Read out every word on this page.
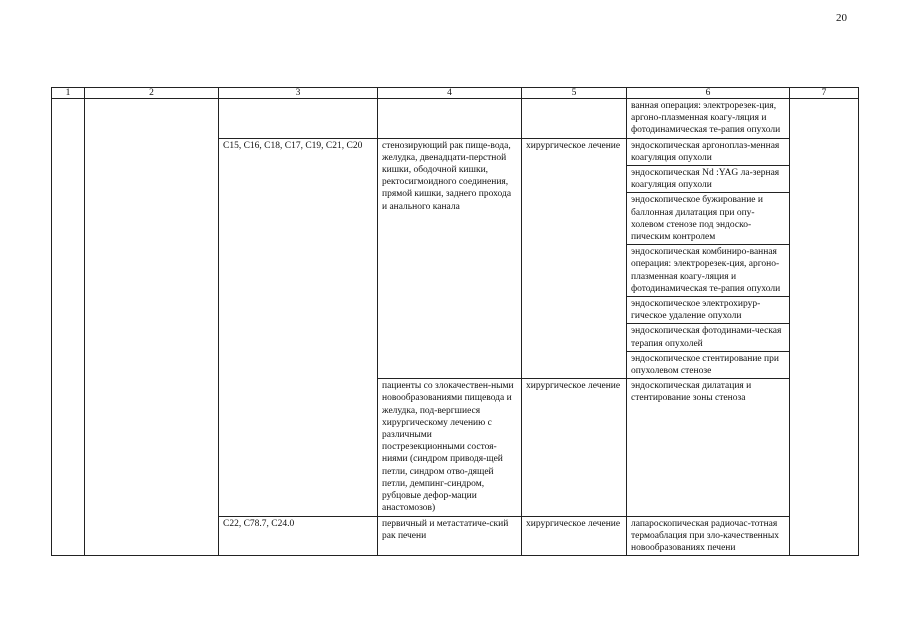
20
1	2	3	4	5	6	7
					ванная операция: электрорезек-ция, аргоно-плазменная коагу-ляция и фотодинамическая те-рапия опухоли	
		C15, C16, C18, C17, C19, C21, C20	стенозирующий рак пище-вода, желудка, двенадцати-перстной кишки, ободочной кишки, ректосигмоидного соединения, прямой кишки, заднего прохода и анального канала	хирургическое лечение	эндоскопическая аргоноплаз-менная коагуляция опухоли	
					эндоскопическая Nd :YAG ла-зерная коагуляция опухоли	
					эндоскопическое бужирование и баллонная дилатация при опу-холевом стенозе под эндоско-пическим контролем	
					эндоскопическая комбиниро-ванная операция: электрорезек-ция, аргоно-плазменная коагу-ляция и фотодинамическая те-рапия опухоли	
					эндоскопическое электрохирур-гическое удаление опухоли	
					эндоскопическая фотодинами-ческая терапия опухолей	
					эндоскопическое стентирование при опухолевом стенозе	
			пациенты со злокачествен-ными новообразованиями пищевода и желудка, под-вергшиеся хирургическому лечению с различными пострезекционными состоя-ниями (синдром приводя-щей петли, синдром отво-дящей петли, демпинг-синдром, рубцовые дефор-мации анастомозов)	хирургическое лечение	эндоскопическая дилатация и стентирование зоны стеноза	
		C22, C78.7, C24.0	первичный и метастатиче-ский рак печени	хирургическое лечение	лапароскопическая радиочас-тотная термоаблация при зло-качественных новообразованиях печени	
